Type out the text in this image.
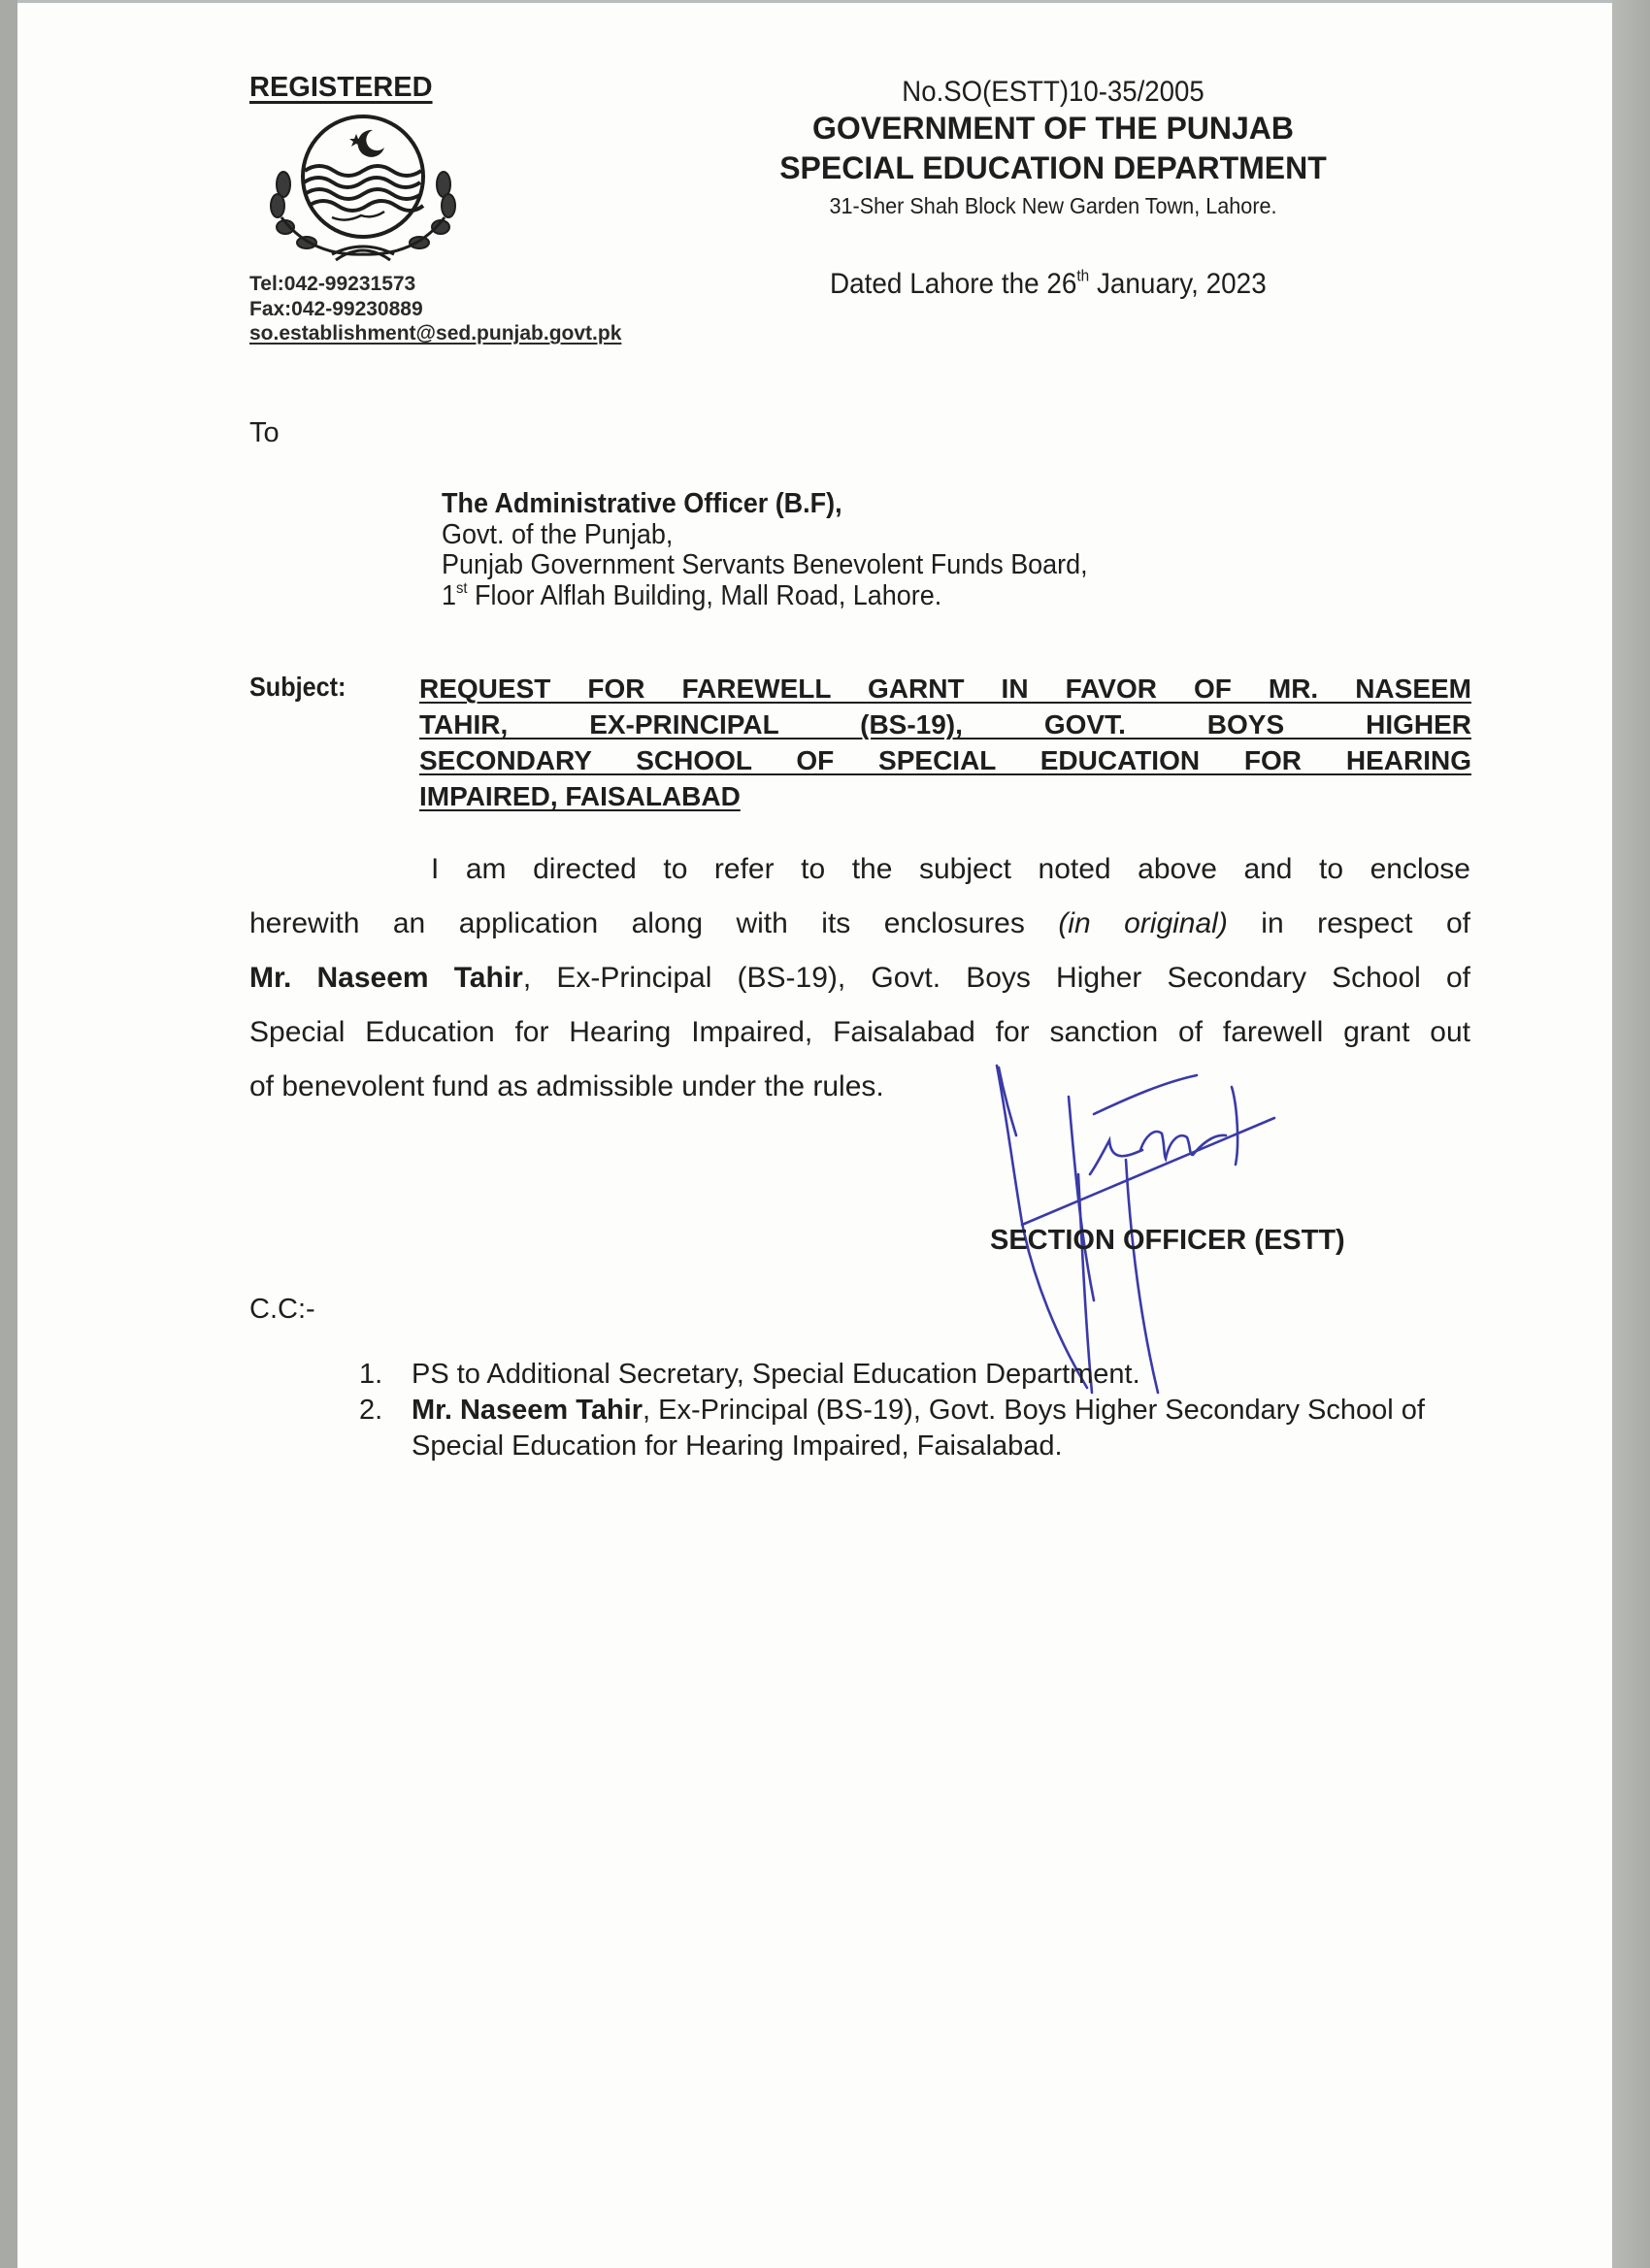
REGISTERED
Tel:042-99231573
Fax:042-99230889
so.establishment@sed.punjab.govt.pk
No.SO(ESTT)10-35/2005
GOVERNMENT OF THE PUNJAB
SPECIAL EDUCATION DEPARTMENT
31-Sher Shah Block New Garden Town, Lahore.
Dated Lahore the 26th January, 2023
To
The Administrative Officer (B.F),
Govt. of the Punjab,
Punjab Government Servants Benevolent Funds Board,
1st Floor Alflah Building, Mall Road, Lahore.
Subject:	REQUEST FOR FAREWELL GARNT IN FAVOR OF MR. NASEEM
TAHIR, EX-PRINCIPAL (BS-19), GOVT. BOYS HIGHER
SECONDARY SCHOOL OF SPECIAL EDUCATION FOR HEARING
IMPAIRED, FAISALABAD
I am directed to refer to the subject noted above and to enclose
herewith an application along with its enclosures (in original) in respect of
Mr. Naseem Tahir, Ex-Principal (BS-19), Govt. Boys Higher Secondary School of
Special Education for Hearing Impaired, Faisalabad for sanction of farewell grant out
of benevolent fund as admissible under the rules.
SECTION OFFICER (ESTT)
C.C:-
1. PS to Additional Secretary, Special Education Department.
2. Mr. Naseem Tahir, Ex-Principal (BS-19), Govt. Boys Higher Secondary School of Special Education for Hearing Impaired, Faisalabad.
